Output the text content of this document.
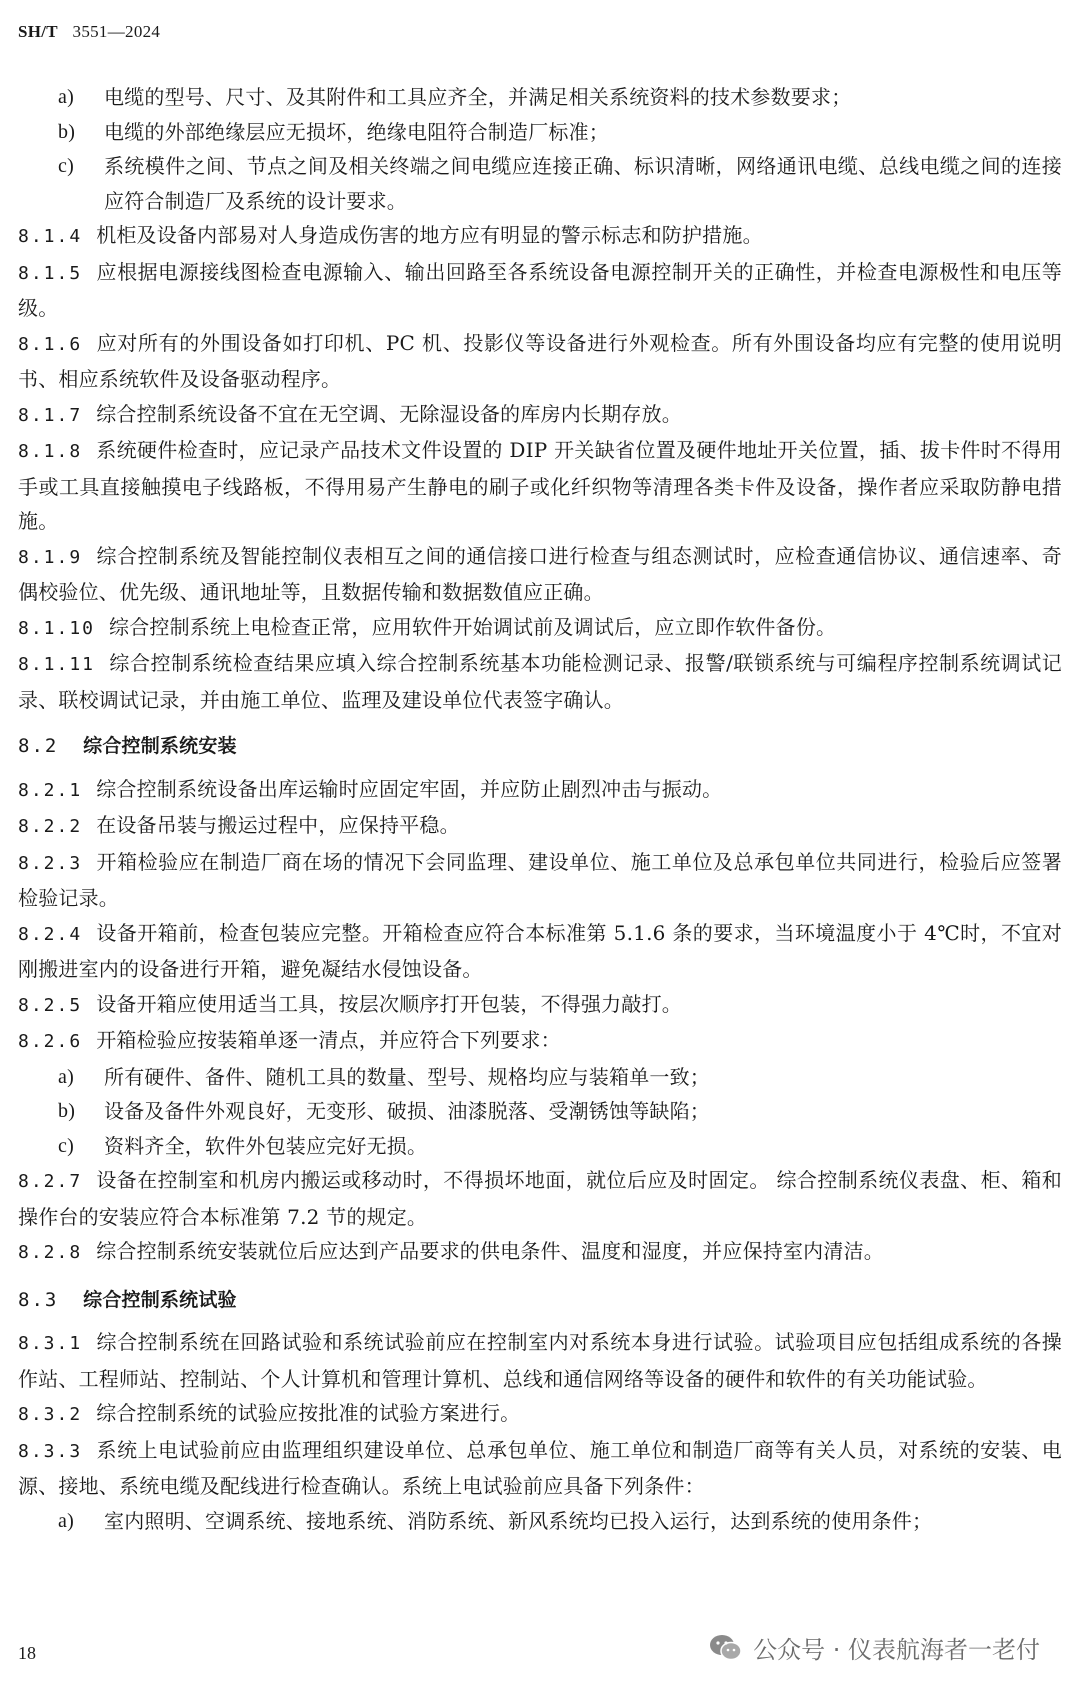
SH/T 3551—2024
a)	电缆的型号、尺寸、及其附件和工具应齐全，并满足相关系统资料的技术参数要求；
b)	电缆的外部绝缘层应无损坏，绝缘电阻符合制造厂标准；
c)	系统模件之间、节点之间及相关终端之间电缆应连接正确、标识清晰，网络通讯电缆、总线电缆之间的连接应符合制造厂及系统的设计要求。
8.1.4 机柜及设备内部易对人身造成伤害的地方应有明显的警示标志和防护措施。
8.1.5 应根据电源接线图检查电源输入、输出回路至各系统设备电源控制开关的正确性，并检查电源极性和电压等级。
8.1.6 应对所有的外围设备如打印机、PC 机、投影仪等设备进行外观检查。所有外围设备均应有完整的使用说明书、相应系统软件及设备驱动程序。
8.1.7 综合控制系统设备不宜在无空调、无除湿设备的库房内长期存放。
8.1.8 系统硬件检查时，应记录产品技术文件设置的 DIP 开关缺省位置及硬件地址开关位置，插、拔卡件时不得用手或工具直接触摸电子线路板，不得用易产生静电的刷子或化纤织物等清理各类卡件及设备，操作者应采取防静电措施。
8.1.9 综合控制系统及智能控制仪表相互之间的通信接口进行检查与组态测试时，应检查通信协议、通信速率、奇偶校验位、优先级、通讯地址等，且数据传输和数据数值应正确。
8.1.10 综合控制系统上电检查正常，应用软件开始调试前及调试后，应立即作软件备份。
8.1.11 综合控制系统检查结果应填入综合控制系统基本功能检测记录、报警/联锁系统与可编程序控制系统调试记录、联校调试记录，并由施工单位、监理及建设单位代表签字确认。
8.2 综合控制系统安装
8.2.1 综合控制系统设备出库运输时应固定牢固，并应防止剧烈冲击与振动。
8.2.2 在设备吊装与搬运过程中，应保持平稳。
8.2.3 开箱检验应在制造厂商在场的情况下会同监理、建设单位、施工单位及总承包单位共同进行，检验后应签署检验记录。
8.2.4 设备开箱前，检查包装应完整。开箱检查应符合本标准第 5.1.6 条的要求，当环境温度小于 4℃时，不宜对刚搬进室内的设备进行开箱，避免凝结水侵蚀设备。
8.2.5 设备开箱应使用适当工具，按层次顺序打开包装，不得强力敲打。
8.2.6 开箱检验应按装箱单逐一清点，并应符合下列要求：
a)	所有硬件、备件、随机工具的数量、型号、规格均应与装箱单一致；
b)	设备及备件外观良好，无变形、破损、油漆脱落、受潮锈蚀等缺陷；
c)	资料齐全，软件外包装应完好无损。
8.2.7 设备在控制室和机房内搬运或移动时，不得损坏地面，就位后应及时固定。 综合控制系统仪表盘、柜、箱和操作台的安装应符合本标准第 7.2 节的规定。
8.2.8 综合控制系统安装就位后应达到产品要求的供电条件、温度和湿度，并应保持室内清洁。
8.3 综合控制系统试验
8.3.1 综合控制系统在回路试验和系统试验前应在控制室内对系统本身进行试验。试验项目应包括组成系统的各操作站、工程师站、控制站、个人计算机和管理计算机、总线和通信网络等设备的硬件和软件的有关功能试验。
8.3.2 综合控制系统的试验应按批准的试验方案进行。
8.3.3 系统上电试验前应由监理组织建设单位、总承包单位、施工单位和制造厂商等有关人员，对系统的安装、电源、接地、系统电缆及配线进行检查确认。系统上电试验前应具备下列条件：
a)	室内照明、空调系统、接地系统、消防系统、新风系统均已投入运行，达到系统的使用条件；
18	公众号 · 仪表航海者一老付
